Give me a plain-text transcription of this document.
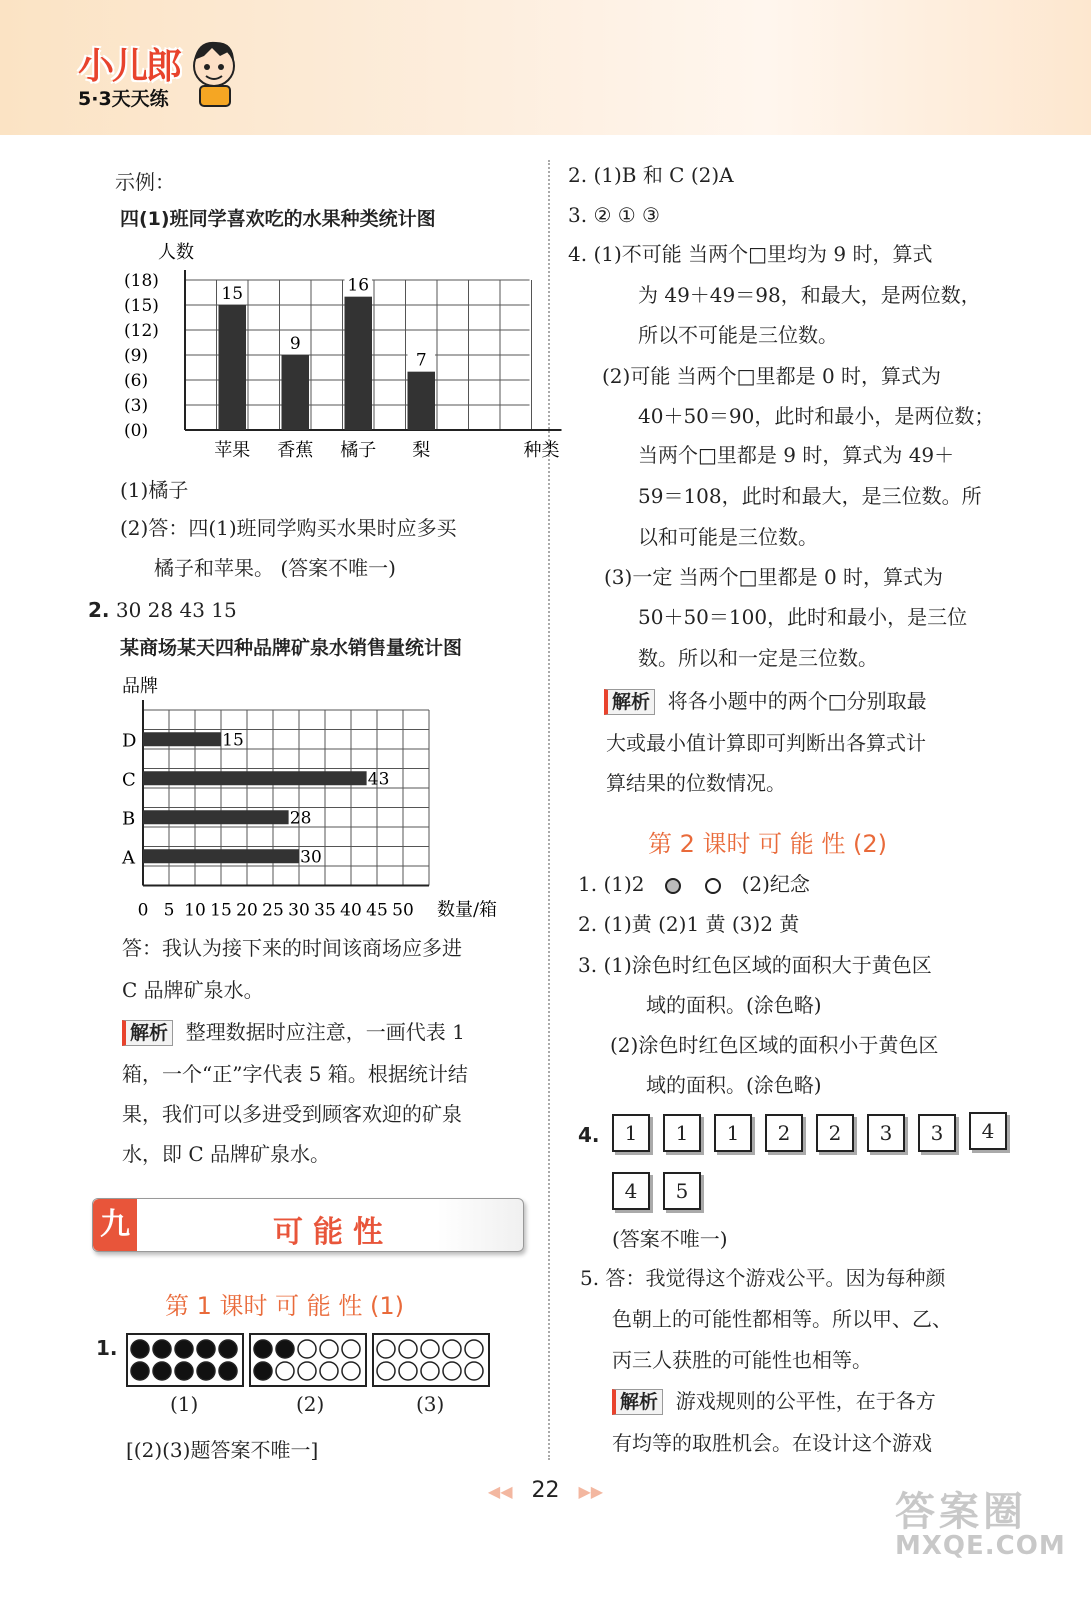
小儿郎
5·3天天练
示例：
四(1)班同学喜欢吃的水果种类统计图
人数
(18)
(15)
(12)
(9)
(6)
(3)
(0)
15
苹果
9
香蕉
16
橘子
7
梨	种类
(1)橘子
(2)答：四(1)班同学购买水果时应多买
橘子和苹果。 (答案不唯一)
2. 30 28 43 15
某商场某天四种品牌矿泉水销售量统计图
品牌
30
A
28
B
43
C
15
D
0 5 10 15 20 25 30 35 40 45 50 数量/箱
答：我认为接下来的时间该商场应多进
C 品牌矿泉水。
解析 整理数据时应注意，一画代表 1
箱，一个“正”字代表 5 箱。根据统计结
果，我们可以多进受到顾客欢迎的矿泉
水，即 C 品牌矿泉水。
九	可能性
第 1 课时 可 能 性 (1)
1.
(1)	(2)	(3)
[(2)(3)题答案不唯一]
2. (1)B 和 C (2)A
3. ② ① ③
4. (1)不可能 当两个□里均为 9 时，算式
为 49＋49＝98，和最大，是两位数，
所以不可能是三位数。
(2)可能 当两个□里都是 0 时，算式为
40＋50＝90，此时和最小，是两位数；
当两个□里都是 9 时，算式为 49＋
59＝108，此时和最大，是三位数。所
以和可能是三位数。
(3)一定 当两个□里都是 0 时，算式为
50＋50＝100，此时和最小，是三位
数。所以和一定是三位数。
解析 将各小题中的两个□分别取最
大或最小值计算即可判断出各算式计
算结果的位数情况。
第 2 课时 可 能 性 (2)
1. (1)2	(2)纪念
2. (1)黄 (2)1 黄 (3)2 黄
3. (1)涂色时红色区域的面积大于黄色区
域的面积。(涂色略)
(2)涂色时红色区域的面积小于黄色区
域的面积。(涂色略)
4.	1	1	1	2	2	3	3	4
4	5
(答案不唯一)
5. 答：我觉得这个游戏公平。因为每种颜
色朝上的可能性都相等。所以甲、乙、
丙三人获胜的可能性也相等。
解析 游戏规则的公平性，在于各方
有均等的取胜机会。在设计这个游戏
◀◀ 22 ▶▶	答案圈
MXQE.COM
